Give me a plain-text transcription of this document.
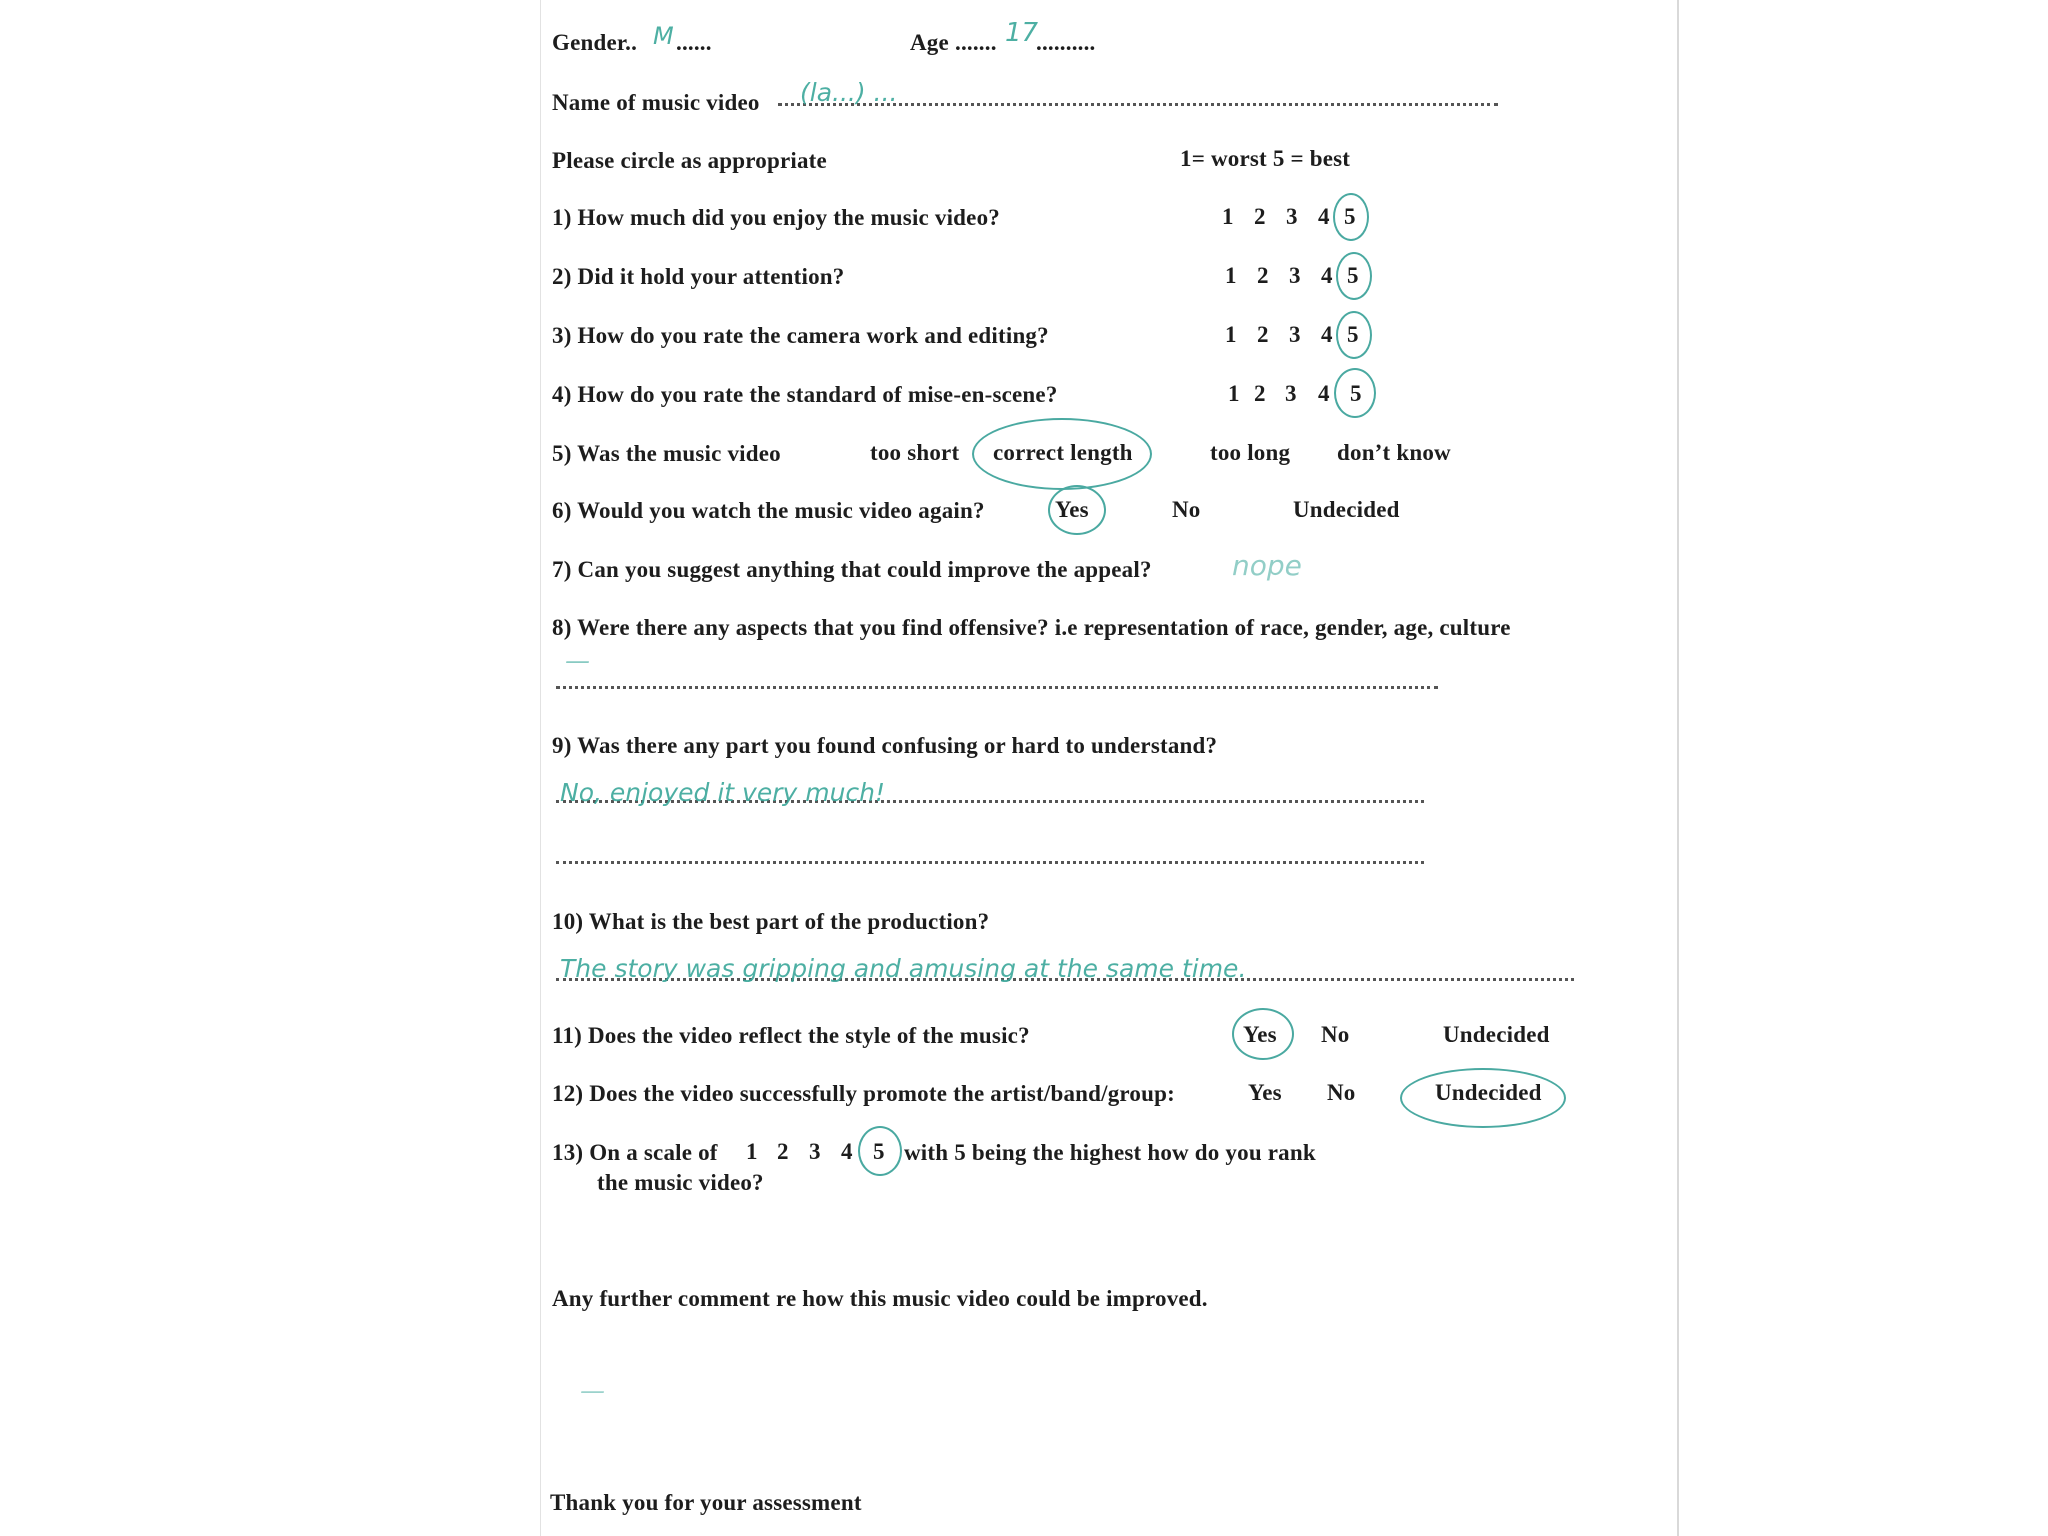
Gender.. M ......	Age ....... 17
..........
Name of music video (la...) ...
Please circle as appropriate	1= worst 5 = best
1) How much did you enjoy the music video?	1 2 3 4 5
2) Did it hold your attention?	1 2 3 4 5
3) How do you rate the camera work and editing?	1 2 3 4 5
4) How do you rate the standard of mise-en-scene?	1 2 3 4 5
5) Was the music video	too short correct length	too long don’t know
6) Would you watch the music video again?	Yes	No	Undecided
7) Can you suggest anything that could improve the appeal?	nope
8) Were there any aspects that you find offensive? i.e representation of race, gender, age, culture
—
9) Was there any part you found confusing or hard to understand?
No, enjoyed it very much!
10) What is the best part of the production?
The story was gripping and amusing at the same time.
11) Does the video reflect the style of the music?	Yes No	Undecided
12) Does the video successfully promote the artist/band/group:	Yes No	Undecided
13) On a scale of 1 2 3 4 5 with 5 being the highest how do you rank
the music video?
Any further comment re how this music video could be improved.
—
Thank you for your assessment
